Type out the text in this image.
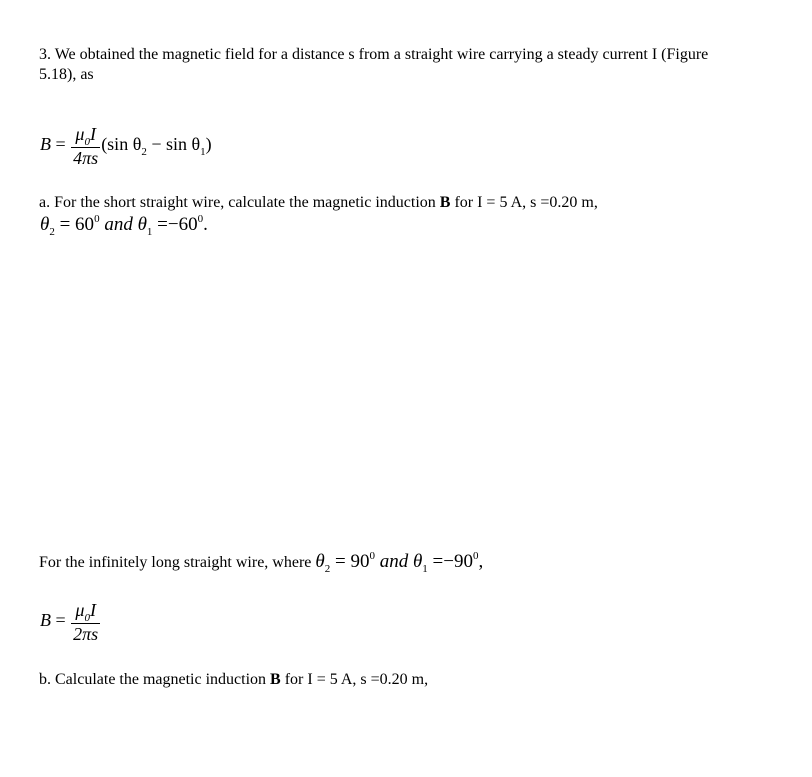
3. We obtained the magnetic field for a distance s from a straight wire carrying a steady current I (Figure
5.18), as
$B = \frac{\mu_0I}{4\pi s} (\sin$ $\theta_2 - \sin \theta_1$)
a. For the short straight wire, calculate the magnetic induction B for I = 5 A, s =0.20 m,
$\theta_2 = 60^0$ and $\theta_1 =-60^0$.
For the infinitely long straight wire, where $\theta_2 = 90^0$ and $\theta_1 =-90^0$,
$B = \frac{\mu_0I}{2\pi s}$
b. Calculate the magnetic induction B for I = 5 A, s =0.20 m,
